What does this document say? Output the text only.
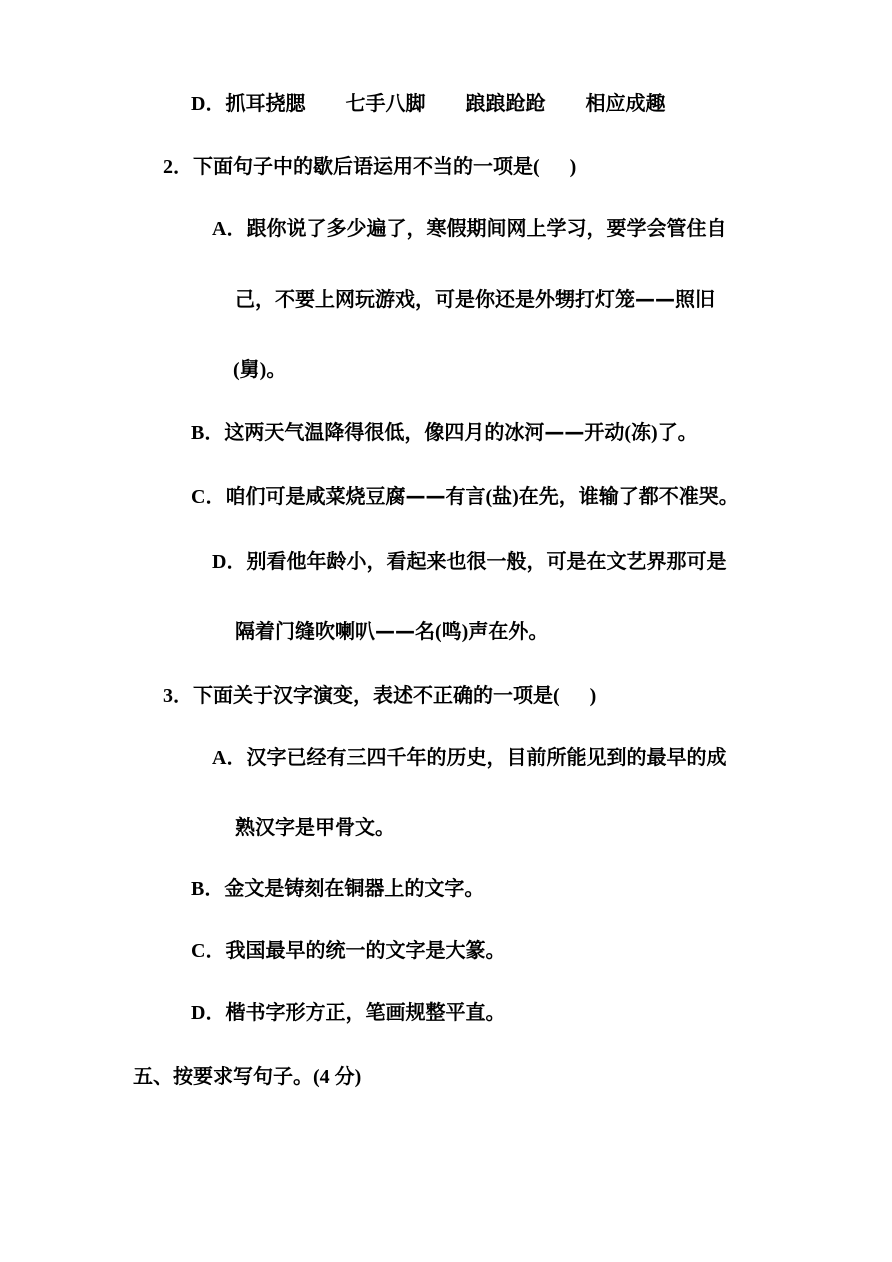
D．抓耳挠腮 七手八脚 踉踉跄跄 相应成趣
2．下面句子中的歇后语运用不当的一项是( )
A．跟你说了多少遍了，寒假期间网上学习，要学会管住自
己，不要上网玩游戏，可是你还是外甥打灯笼——照旧
(舅)。
B．这两天气温降得很低，像四月的冰河——开动(冻)了。
C．咱们可是咸菜烧豆腐——有言(盐)在先，谁输了都不准哭。
D．别看他年龄小，看起来也很一般，可是在文艺界那可是
隔着门缝吹喇叭——名(鸣)声在外。
3．下面关于汉字演变，表述不正确的一项是( )
A．汉字已经有三四千年的历史，目前所能见到的最早的成
熟汉字是甲骨文。
B．金文是铸刻在铜器上的文字。
C．我国最早的统一的文字是大篆。
D．楷书字形方正，笔画规整平直。
五、按要求写句子。(4 分)
